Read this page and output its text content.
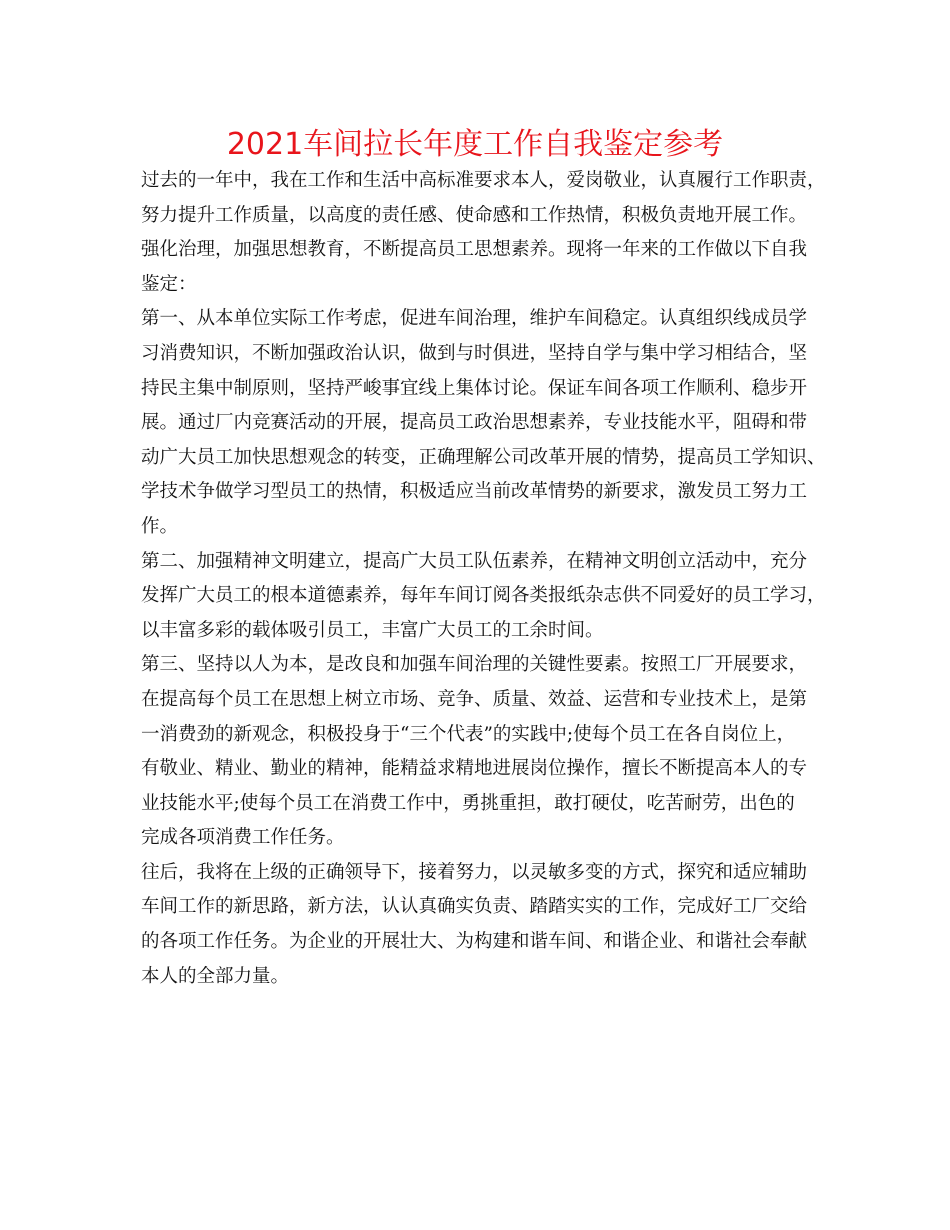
2021车间拉长年度工作自我鉴定参考
过去的一年中，我在工作和生活中高标准要求本人，爱岗敬业，认真履行工作职责，
努力提升工作质量，以高度的责任感、使命感和工作热情，积极负责地开展工作。
强化治理，加强思想教育，不断提高员工思想素养。现将一年来的工作做以下自我
鉴定：
第一、从本单位实际工作考虑，促进车间治理，维护车间稳定。认真组织线成员学
习消费知识，不断加强政治认识，做到与时俱进，坚持自学与集中学习相结合，坚
持民主集中制原则，坚持严峻事宜线上集体讨论。保证车间各项工作顺利、稳步开
展。通过厂内竞赛活动的开展，提高员工政治思想素养，专业技能水平，阻碍和带
动广大员工加快思想观念的转变，正确理解公司改革开展的情势，提高员工学知识、
学技术争做学习型员工的热情，积极适应当前改革情势的新要求，激发员工努力工
作。
第二、加强精神文明建立，提高广大员工队伍素养，在精神文明创立活动中，充分
发挥广大员工的根本道德素养，每年车间订阅各类报纸杂志供不同爱好的员工学习，
以丰富多彩的载体吸引员工，丰富广大员工的工余时间。
第三、坚持以人为本，是改良和加强车间治理的关键性要素。按照工厂开展要求，
在提高每个员工在思想上树立市场、竞争、质量、效益、运营和专业技术上，是第
一消费劲的新观念，积极投身于“三个代表”的实践中;使每个员工在各自岗位上，
有敬业、精业、勤业的精神，能精益求精地进展岗位操作，擅长不断提高本人的专
业技能水平;使每个员工在消费工作中，勇挑重担，敢打硬仗，吃苦耐劳，出色的
完成各项消费工作任务。
往后，我将在上级的正确领导下，接着努力，以灵敏多变的方式，探究和适应辅助
车间工作的新思路，新方法，认认真确实负责、踏踏实实的工作，完成好工厂交给
的各项工作任务。为企业的开展壮大、为构建和谐车间、和谐企业、和谐社会奉献
本人的全部力量。
